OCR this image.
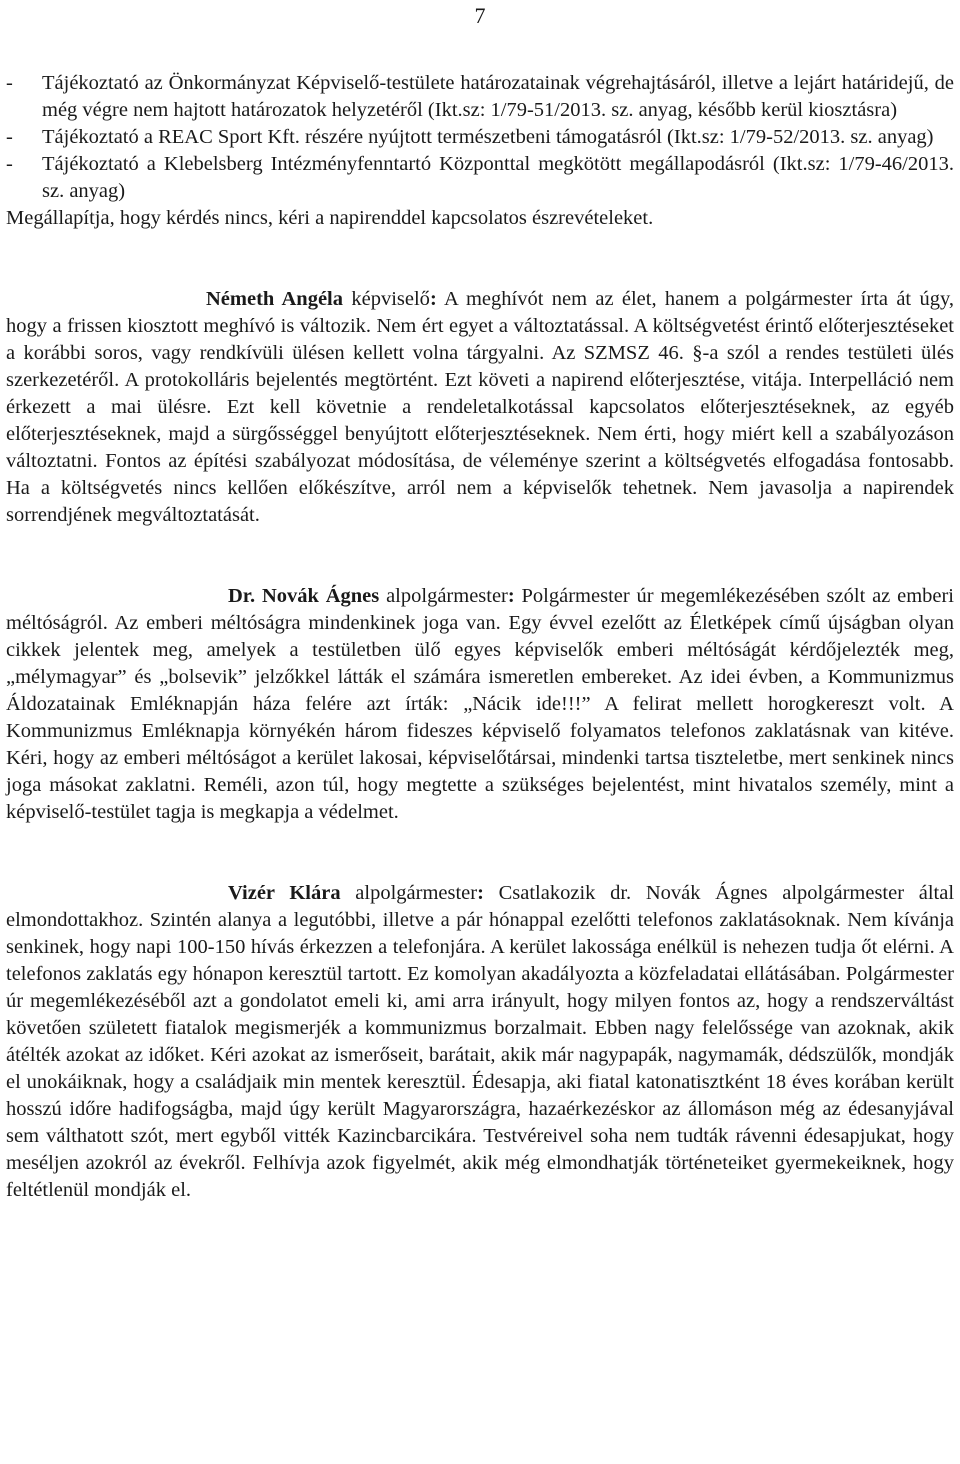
7
-	Tájékoztató az Önkormányzat Képviselő-testülete határozatainak végrehajtásáról, illetve a lejárt határidejű, de még végre nem hajtott határozatok helyzetéről (Ikt.sz: 1/79-51/2013. sz. anyag, később kerül kiosztásra)
-	Tájékoztató a REAC Sport Kft. részére nyújtott természetbeni támogatásról (Ikt.sz: 1/79-52/2013. sz. anyag)
-	Tájékoztató a Klebelsberg Intézményfenntartó Központtal megkötött megállapodásról (Ikt.sz: 1/79-46/2013. sz. anyag)

Megállapítja, hogy kérdés nincs, kéri a napirenddel kapcsolatos észrevételeket.

Németh Angéla képviselő: A meghívót nem az élet, hanem a polgármester írta át úgy, hogy a frissen kiosztott meghívó is változik. Nem ért egyet a változtatással. A költségvetést érintő előterjesztéseket a korábbi soros, vagy rendkívüli ülésen kellett volna tárgyalni. Az SZMSZ 46. §-a szól a rendes testületi ülés szerkezetéről. A protokolláris bejelentés megtörtént. Ezt követi a napirend előterjesztése, vitája. Interpelláció nem érkezett a mai ülésre. Ezt kell követnie a rendeletalkotással kapcsolatos előterjesztéseknek, az egyéb előterjesztéseknek, majd a sürgősséggel benyújtott előterjesztéseknek. Nem érti, hogy miért kell a szabályozáson változtatni. Fontos az építési szabályozat módosítása, de véleménye szerint a költségvetés elfogadása fontosabb. Ha a költségvetés nincs kellően előkészítve, arról nem a képviselők tehetnek. Nem javasolja a napirendek sorrendjének megváltoztatását.

Dr. Novák Ágnes alpolgármester: Polgármester úr megemlékezésében szólt az emberi méltóságról. Az emberi méltóságra mindenkinek joga van. Egy évvel ezelőtt az Életképek című újságban olyan cikkek jelentek meg, amelyek a testületben ülő egyes képviselők emberi méltóságát kérdőjelezték meg, „mélymagyar” és „bolsevik” jelzőkkel látták el számára ismeretlen embereket. Az idei évben, a Kommunizmus Áldozatainak Emléknapján háza felére azt írták: „Nácik ide!!!” A felirat mellett horogkereszt volt. A Kommunizmus Emléknapja környékén három fideszes képviselő folyamatos telefonos zaklatásnak van kitéve. Kéri, hogy az emberi méltóságot a kerület lakosai, képviselőtársai, mindenki tartsa tiszteletbe, mert senkinek nincs joga másokat zaklatni. Reméli, azon túl, hogy megtette a szükséges bejelentést, mint hivatalos személy, mint a képviselő-testület tagja is megkapja a védelmet.

Vizér Klára alpolgármester: Csatlakozik dr. Novák Ágnes alpolgármester által elmondottakhoz. Szintén alanya a legutóbbi, illetve a pár hónappal ezelőtti telefonos zaklatásoknak. Nem kívánja senkinek, hogy napi 100-150 hívás érkezzen a telefonjára. A kerület lakossága enélkül is nehezen tudja őt elérni. A telefonos zaklatás egy hónapon keresztül tartott. Ez komolyan akadályozta a közfeladatai ellátásában. Polgármester úr megemlékezéséből azt a gondolatot emeli ki, ami arra irányult, hogy milyen fontos az, hogy a rendszerváltást követően született fiatalok megismerjék a kommunizmus borzalmait. Ebben nagy felelőssége van azoknak, akik átélték azokat az időket. Kéri azokat az ismerőseit, barátait, akik már nagypapák, nagymamák, dédszülők, mondják el unokáiknak, hogy a családjaik min mentek keresztül. Édesapja, aki fiatal katonatisztként 18 éves korában került hosszú időre hadifogságba, majd úgy került Magyarországra, hazaérkezéskor az állomáson még az édesanyjával sem válthatott szót, mert egyből vitték Kazincbarcikára. Testvéreivel soha nem tudták rávenni édesapjukat, hogy meséljen azokról az évekről. Felhívja azok figyelmét, akik még elmondhatják történeteiket gyermekeiknek, hogy feltétlenül mondják el.
